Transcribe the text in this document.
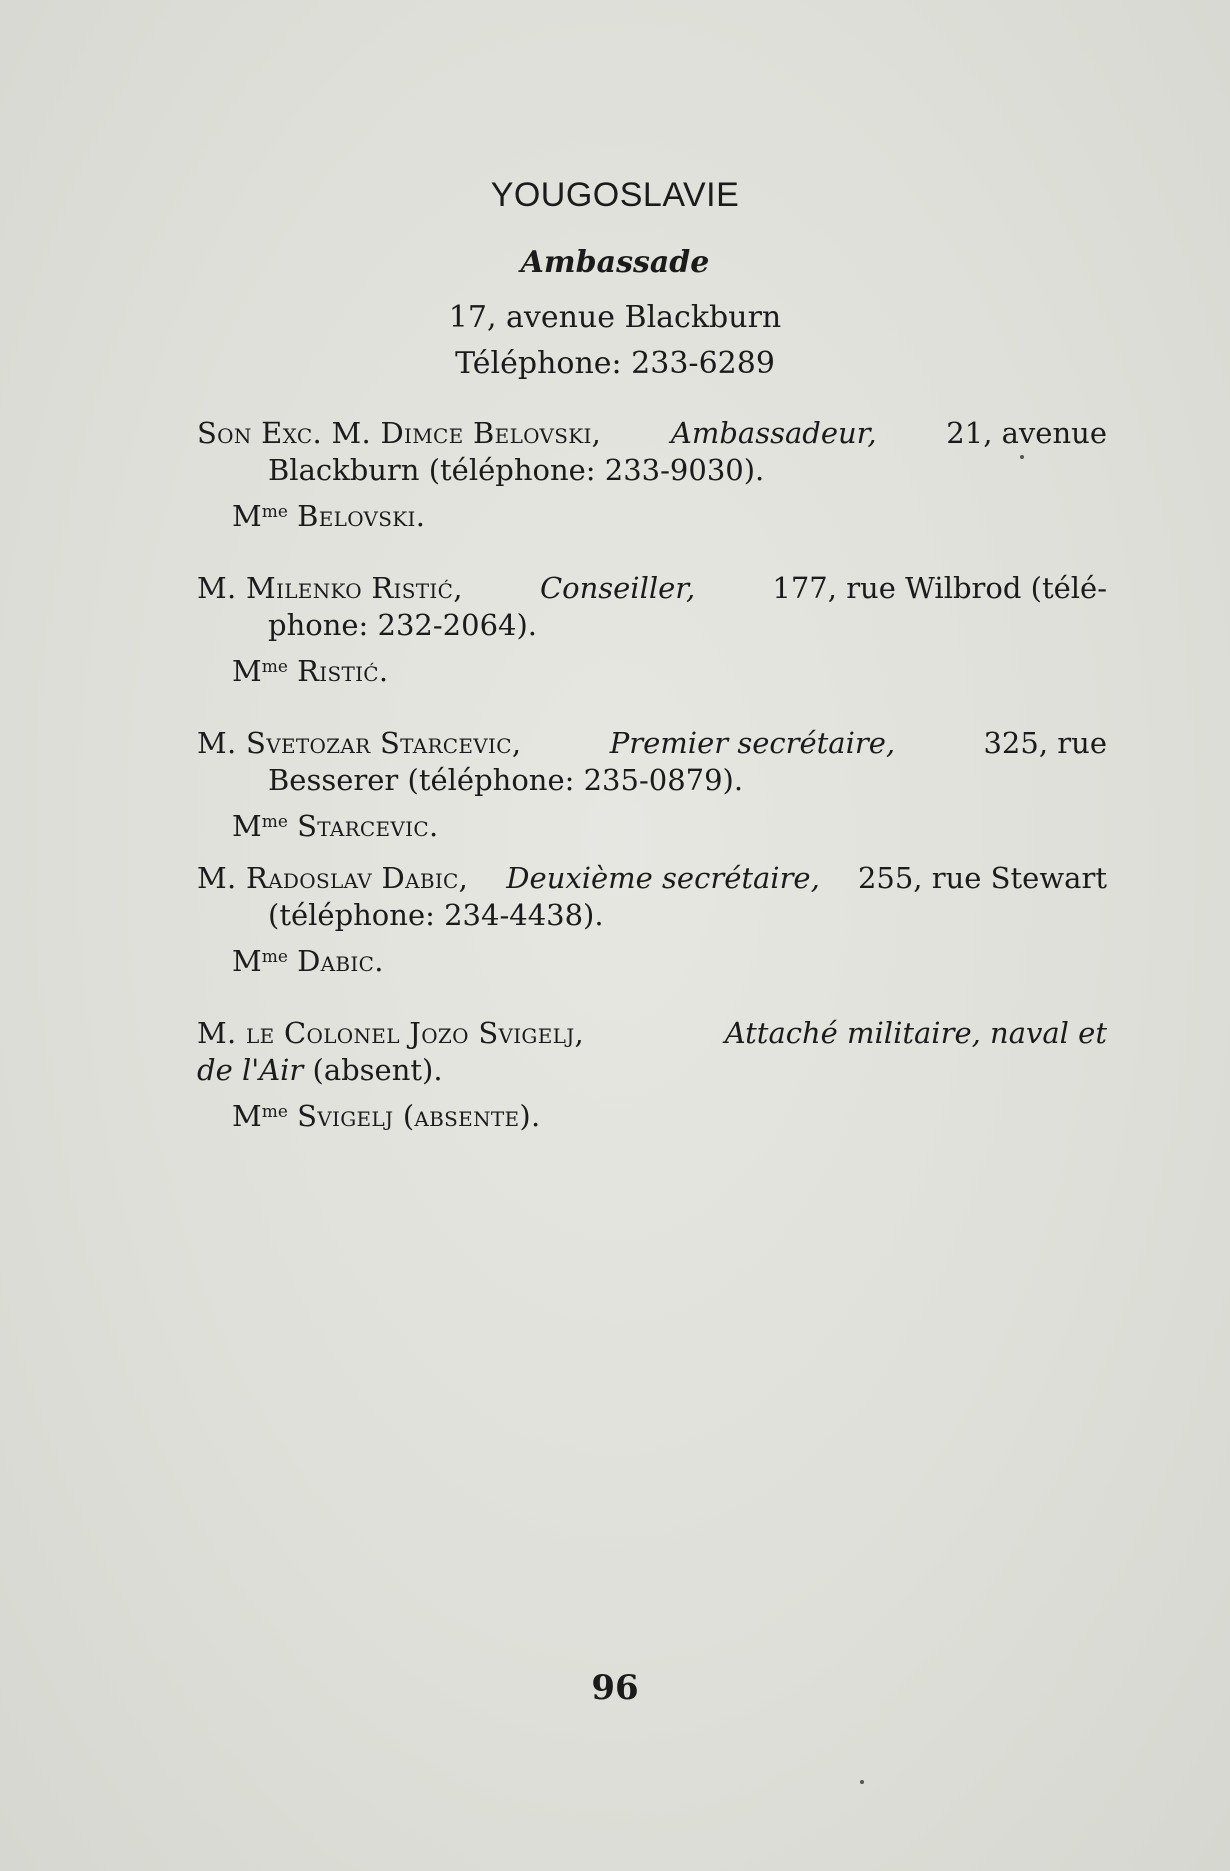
YOUGOSLAVIE
Ambassade
17, avenue Blackburn
Téléphone: 233-6289
Son Exc. M. Dimce Belovski, Ambassadeur, 21, avenue
Blackburn (téléphone: 233-9030).
$M^{me}$ Belovski.
M. Milenko Ristić,	Conseiller,	177, rue Wilbrod (télé-
phone: 232-2064).
$M^{me}$ Ristić.
M. Svetozar Starcevic,	Premier secrétaire,	325, rue
Besserer (téléphone: 235-0879).
$M^{me}$ Starcevic.
M. Radoslav Dabic, Deuxième secrétaire, 255, rue Stewart
(téléphone: 234-4438).
$M^{me}$ Dabic.
M. le Colonel Jozo Svigelj,	Attaché militaire, naval et
de l'Air (absent).
$M^{me}$ Svigelj (absente).
96
